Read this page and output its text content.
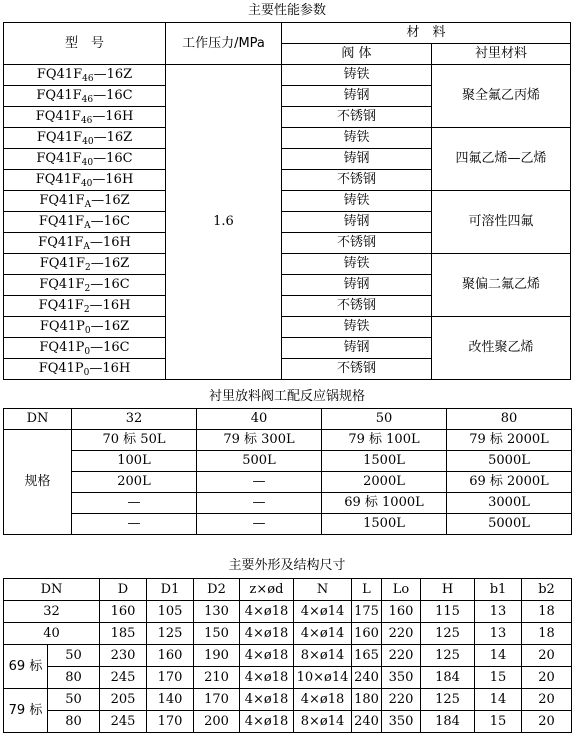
主要性能参数
型　号	工作压力/MPa	材　料	
		阀 体	衬里材料
$FQ41F_{46}—16Z$	1.6	铸铁	聚全氟乙丙烯
$FQ41F_{46}—16C$		铸钢	
$FQ41F_{46}—16H$		不锈钢	
$FQ41F_{40}—16Z$		铸铁	四氟乙烯—乙烯
$FQ41F_{40}—16C$		铸钢	
$FQ41F_{40}—16H$		不锈钢	
$FQ41F_A—16Z$		铸铁	可溶性四氟
$FQ41F_A—16C$		铸钢	
$FQ41F_A—16H$		不锈钢	
$FQ41F_2—16Z$		铸铁	聚偏二氟乙烯
$FQ41F_2—16C$		铸钢	
$FQ41F_2—16H$		不锈钢	
$FQ41P_0—16Z$		铸铁	改性聚乙烯
$FQ41P_0—16C$		铸钢	
$FQ41P_0—16H$		不锈钢	
衬里放料阀工配反应锅规格
DN	32	40	50	80
规格	70 标 50L	79 标 300L	79 标 100L	79 标 2000L
	100L	500L	1500L	5000L
	200L	—	2000L	69 标 2000L
	—	—	69 标 1000L	3000L
	—	—	1500L	5000L
主要外形及结构尺寸
DN		D	D1	D2	z×ød	N	L	Lo	H	b1	b2
32		160	105	130	4×ø18	4×ø14	175	160	115	13	18
40		185	125	150	4×ø18	4×ø14	160	220	125	13	18
69 标	50	230	160	190	4×ø18	8×ø14	165	220	125	14	20
	80	245	170	210	4×ø18	10×ø14	240	350	184	15	20
79 标	50	205	140	170	4×ø18	4×ø18	180	220	125	14	20
	80	245	170	200	4×ø18	8×ø14	240	350	184	15	20
